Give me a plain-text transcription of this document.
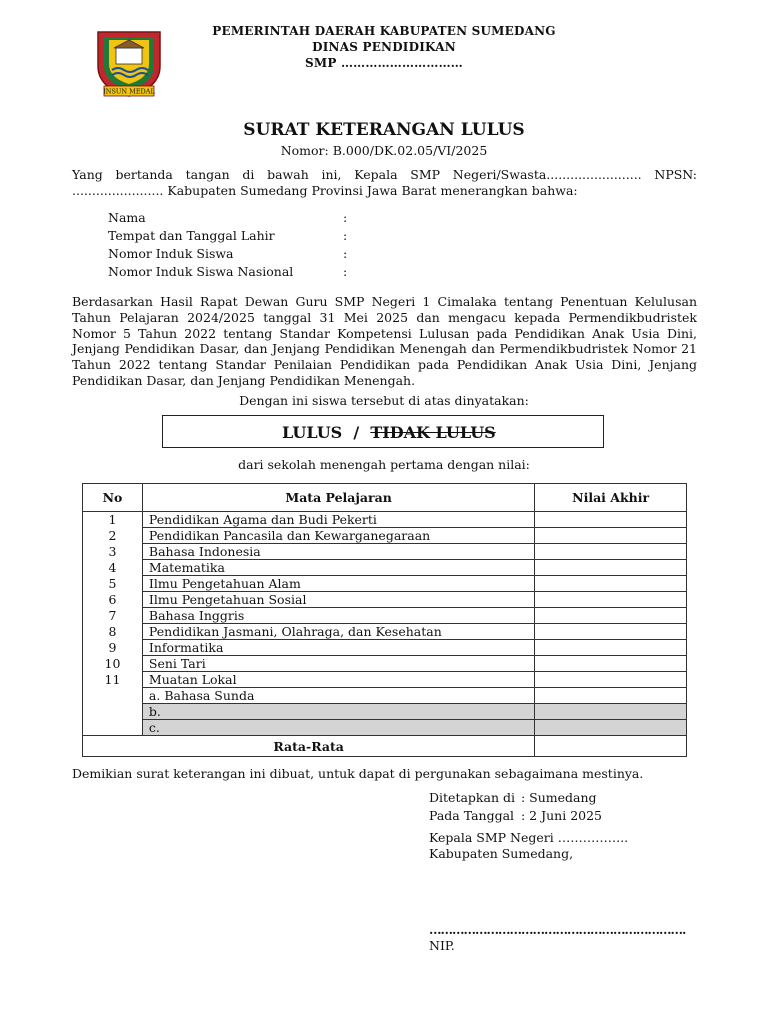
PEMERINTAH DAERAH KABUPATEN SUMEDANG
DINAS PENDIDIKAN
SMP …………………………
INSUN MEDAL
SURAT KETERANGAN LULUS
Nomor: B.000/DK.02.05/VI/2025
Yang bertanda tangan di bawah ini, Kepala SMP Negeri/Swasta........................ NPSN: ....................... Kabupaten Sumedang Provinsi Jawa Barat menerangkan bahwa:
Nama	:
Tempat dan Tanggal Lahir	:
Nomor Induk Siswa	:
Nomor Induk Siswa Nasional	:
Berdasarkan Hasil Rapat Dewan Guru SMP Negeri 1 Cimalaka tentang Penentuan Kelulusan Tahun Pelajaran 2024/2025 tanggal 31 Mei 2025 dan mengacu kepada Permendikbudristek Nomor 5 Tahun 2022 tentang Standar Kompetensi Lulusan pada Pendidikan Anak Usia Dini, Jenjang Pendidikan Dasar, dan Jenjang Pendidikan Menengah dan Permendikbudristek Nomor 21 Tahun 2022 tentang Standar Penilaian Pendidikan pada Pendidikan Anak Usia Dini, Jenjang Pendidikan Dasar, dan Jenjang Pendidikan Menengah.
Dengan ini siswa tersebut di atas dinyatakan:
LULUS / TIDAK LULUS
dari sekolah menengah pertama dengan nilai:
No	Mata Pelajaran	Nilai Akhir
1	Pendidikan Agama dan Budi Pekerti	
2	Pendidikan Pancasila dan Kewarganegaraan	
3	Bahasa Indonesia	
4	Matematika	
5	Ilmu Pengetahuan Alam	
6	Ilmu Pengetahuan Sosial	
7	Bahasa Inggris	
8	Pendidikan Jasmani, Olahraga, dan Kesehatan	
9	Informatika	
10	Seni Tari	
11	Muatan Lokal	
	a. Bahasa Sunda	
	b.	
	c.	
Rata-Rata		
Demikian surat keterangan ini dibuat, untuk dapat di pergunakan sebagaimana mestinya.
Ditetapkan di : Sumedang
Pada Tanggal : 2 Juni 2025
Kepala SMP Negeri ……………..
Kabupaten Sumedang,
………………………………………………………….
NIP.
